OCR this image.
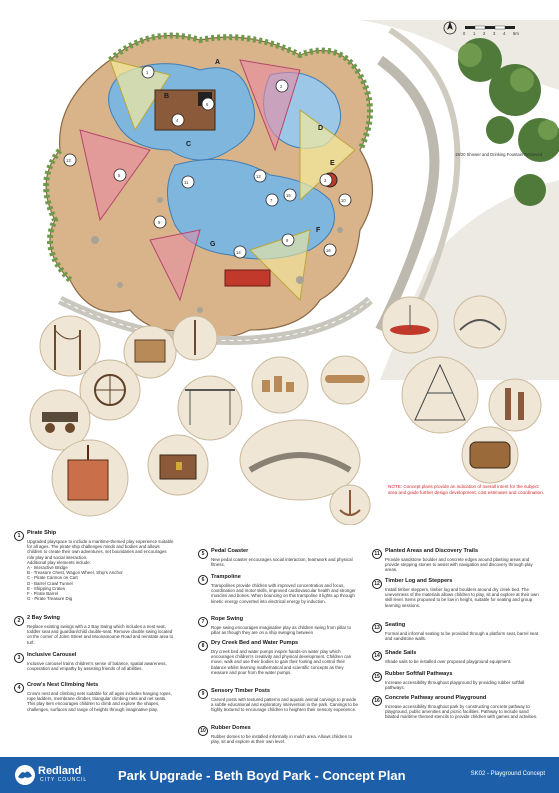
0 1 2 3 4 5m
19/20 Shower and Drinking Fountain Removed
1
2
3
4
5
6
7
8
9
10
11
12
13
14
15
16
A
B
C
D
E
F
G
NOTE: Concept plans provide an indication of overall intent for the subject area and guide further design development, cost estimates and coordination.
1	Pirate Ship
Upgraded playspace to include a maritime-themed play experience suitable for all ages. The pirate ship challenges minds and bodies and allows children to create their own adventures, set boundaries and encourages role play and social interaction.
Additional play elements include:
A - Interactive Bridge
B - Treasure Chest, Wagon Wheel, Ship's Anchor
C - Pirate Cannon on Cart
D - Barrel Crawl Tunnel
E - Shipping Crates
F - Pirate Barrel
G - Pirate Treasure Dig
2	2 Bay Swing
Replace existing swings with a 2 Bay Swing which includes a nest seat, toddler seat and guardian/child double-seat. Remove double swing located on the corner of Jolen Street and Moonamoonie Road and reinstate area to turf.
3	Inclusive Carousel
Inclusive carousel trains children's sense of balance, spatial awareness, cooperation and empathy by assisting friends of all abilities.
4	Crow's Nest Climbing Nets
Crow's nest and climbing nets suitable for all ages includes hanging ropes, rope ladders, membrane climber, triangular climbing nets and net seats. This play item encourages children to climb and explore the shapes, challenges, surfaces and range of heights through imaginative play.
5	Pedal Coaster
New pedal coaster encourages social interaction, teamwork and physical fitness.
6	Trampoline
Trampolines provide children with improved concentration and focus, coordination and motor skills, improved cardiovascular health and stronger muscles and bones. When bouncing on this trampoline it lights up through kinetic energy converted into electrical energy by induction.
7	Rope Swing
Rope swing encourages imaginative play as children swing from pillar to pillar as though they are on a ship swinging between
8	Dry Creek Bed and Water Pumps
Dry creek bed and water pumps inspire hands-on water play which encourages children's creativity and physical development. Children can move, walk and use their bodies to gain their footing and control their balance whilst learning mathematical and scientific concepts as they measure and pour from the water pumps.
9	Sensory Timber Posts
Carved posts with textured patterns and aquatic animal carvings to provide a subtle educational and exploratory intervention in the park. Carvings to be highly textured to encourage children to heighten their sensory experience.
10 Rubber Domes
Rubber domes to be installed informally in mulch area. Allows children to play, sit and explore at their own level.
11 Planted Areas and Discovery Trails
Provide sandstone boulder and concrete edges around planting areas and provide stepping stones to assist with navigation and discovery through play areas.
12 Timber Log and Steppers
Install timber steppers, timber log and boulders around dry creek bed. The unevenness of the materials allows children to play, sit and explore at their own skill level. Items proposed to be low in height, suitable for seating and group learning sessions.
13 Seating
Formal and informal seating to be provided through a platform seat, barrel seat and sandstone walls.
14 Shade Sails
Shade sails to be installed over proposed playground equipment.
15 Rubber Softfall Pathways
Increase accessibility throughout playground by providing rubber softfall pathways.
16 Concrete Pathway around Playground
Increase accessibility throughout park by constructing concrete pathway to playground, public amenities and picnic facilities. Pathway to include sand blasted maritime themed stencils to provide children with games and activities.
Redland
CITY COUNCIL Park Upgrade - Beth Boyd Park - Concept Plan	SK02 - Playground Concept
